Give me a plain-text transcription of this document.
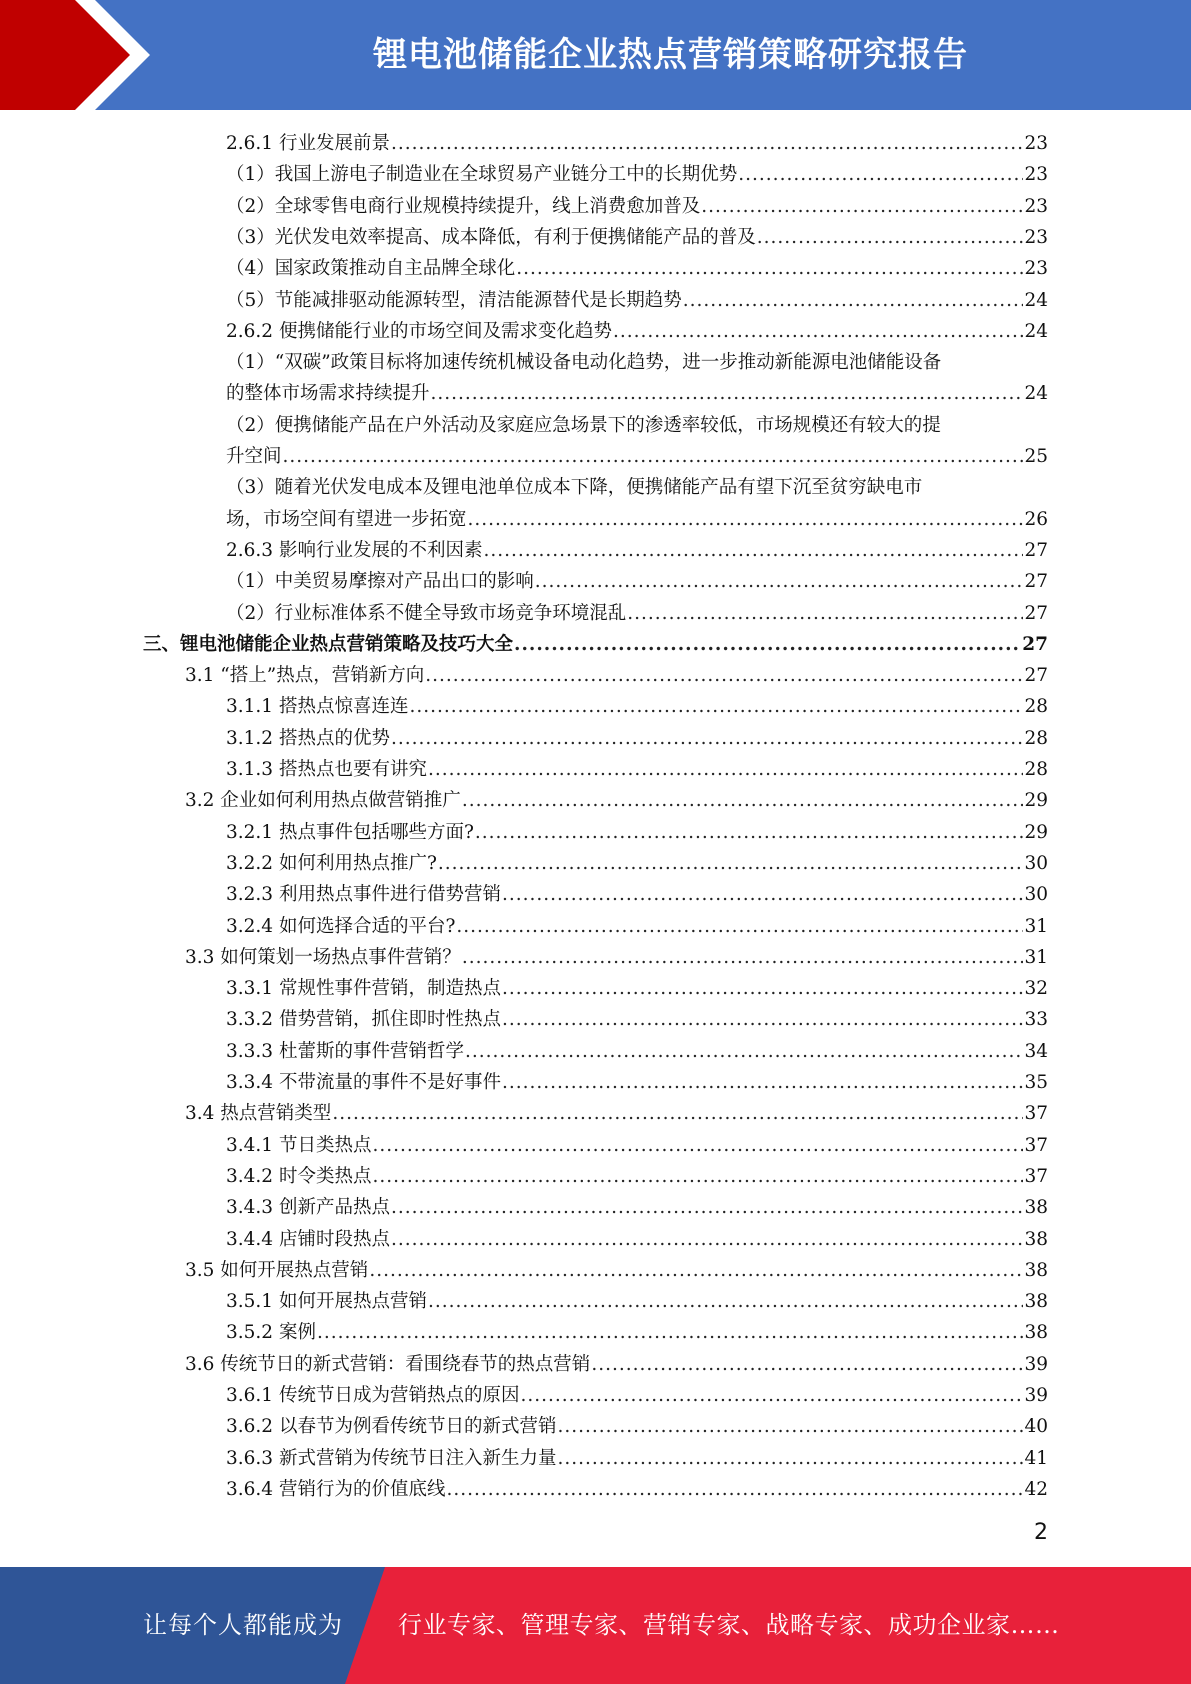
锂电池储能企业热点营销策略研究报告
2.6.1 行业发展前景 .....	23
（1）我国上游电子制造业在全球贸易产业链分工中的长期优势 .....	23
（2）全球零售电商行业规模持续提升，线上消费愈加普及 .....	23
（3）光伏发电效率提高、成本降低，有利于便携储能产品的普及 .....	23
（4）国家政策推动自主品牌全球化 .....	23
（5）节能减排驱动能源转型，清洁能源替代是长期趋势 .....	24
2.6.2 便携储能行业的市场空间及需求变化趋势 .....	24
（1）“双碳”政策目标将加速传统机械设备电动化趋势，进一步推动新能源电池储能设备
的整体市场需求持续提升 .....	24
（2）便携储能产品在户外活动及家庭应急场景下的渗透率较低，市场规模还有较大的提
升空间 .....	25
（3）随着光伏发电成本及锂电池单位成本下降，便携储能产品有望下沉至贫穷缺电市
场，市场空间有望进一步拓宽 .....	26
2.6.3 影响行业发展的不利因素 .....	27
（1）中美贸易摩擦对产品出口的影响 .....	27
（2）行业标准体系不健全导致市场竞争环境混乱 .....	27
三、锂电池储能企业热点营销策略及技巧大全 .....	27
3.1 “搭上”热点，营销新方向 .....	27
3.1.1 搭热点惊喜连连 .....	28
3.1.2 搭热点的优势 .....	28
3.1.3 搭热点也要有讲究 .....	28
3.2 企业如何利用热点做营销推广 .....	29
3.2.1 热点事件包括哪些方面? .....	29
3.2.2 如何利用热点推广? .....	30
3.2.3 利用热点事件进行借势营销 .....	30
3.2.4 如何选择合适的平台? .....	31
3.3 如何策划一场热点事件营销？ .....	31
3.3.1 常规性事件营销，制造热点 .....	32
3.3.2 借势营销，抓住即时性热点 .....	33
3.3.3 杜蕾斯的事件营销哲学 .....	34
3.3.4 不带流量的事件不是好事件 .....	35
3.4 热点营销类型 .....	37
3.4.1 节日类热点 .....	37
3.4.2 时令类热点 .....	37
3.4.3 创新产品热点 .....	38
3.4.4 店铺时段热点 .....	38
3.5 如何开展热点营销 .....	38
3.5.1 如何开展热点营销 .....	38
3.5.2 案例 .....	38
3.6 传统节日的新式营销：看围绕春节的热点营销 .....	39
3.6.1 传统节日成为营销热点的原因 .....	39
3.6.2 以春节为例看传统节日的新式营销 .....	40
3.6.3 新式营销为传统节日注入新生力量 .....	41
3.6.4 营销行为的价值底线 .....	42
2
让每个人都能成为 行业专家、管理专家、营销专家、战略专家、成功企业家……
